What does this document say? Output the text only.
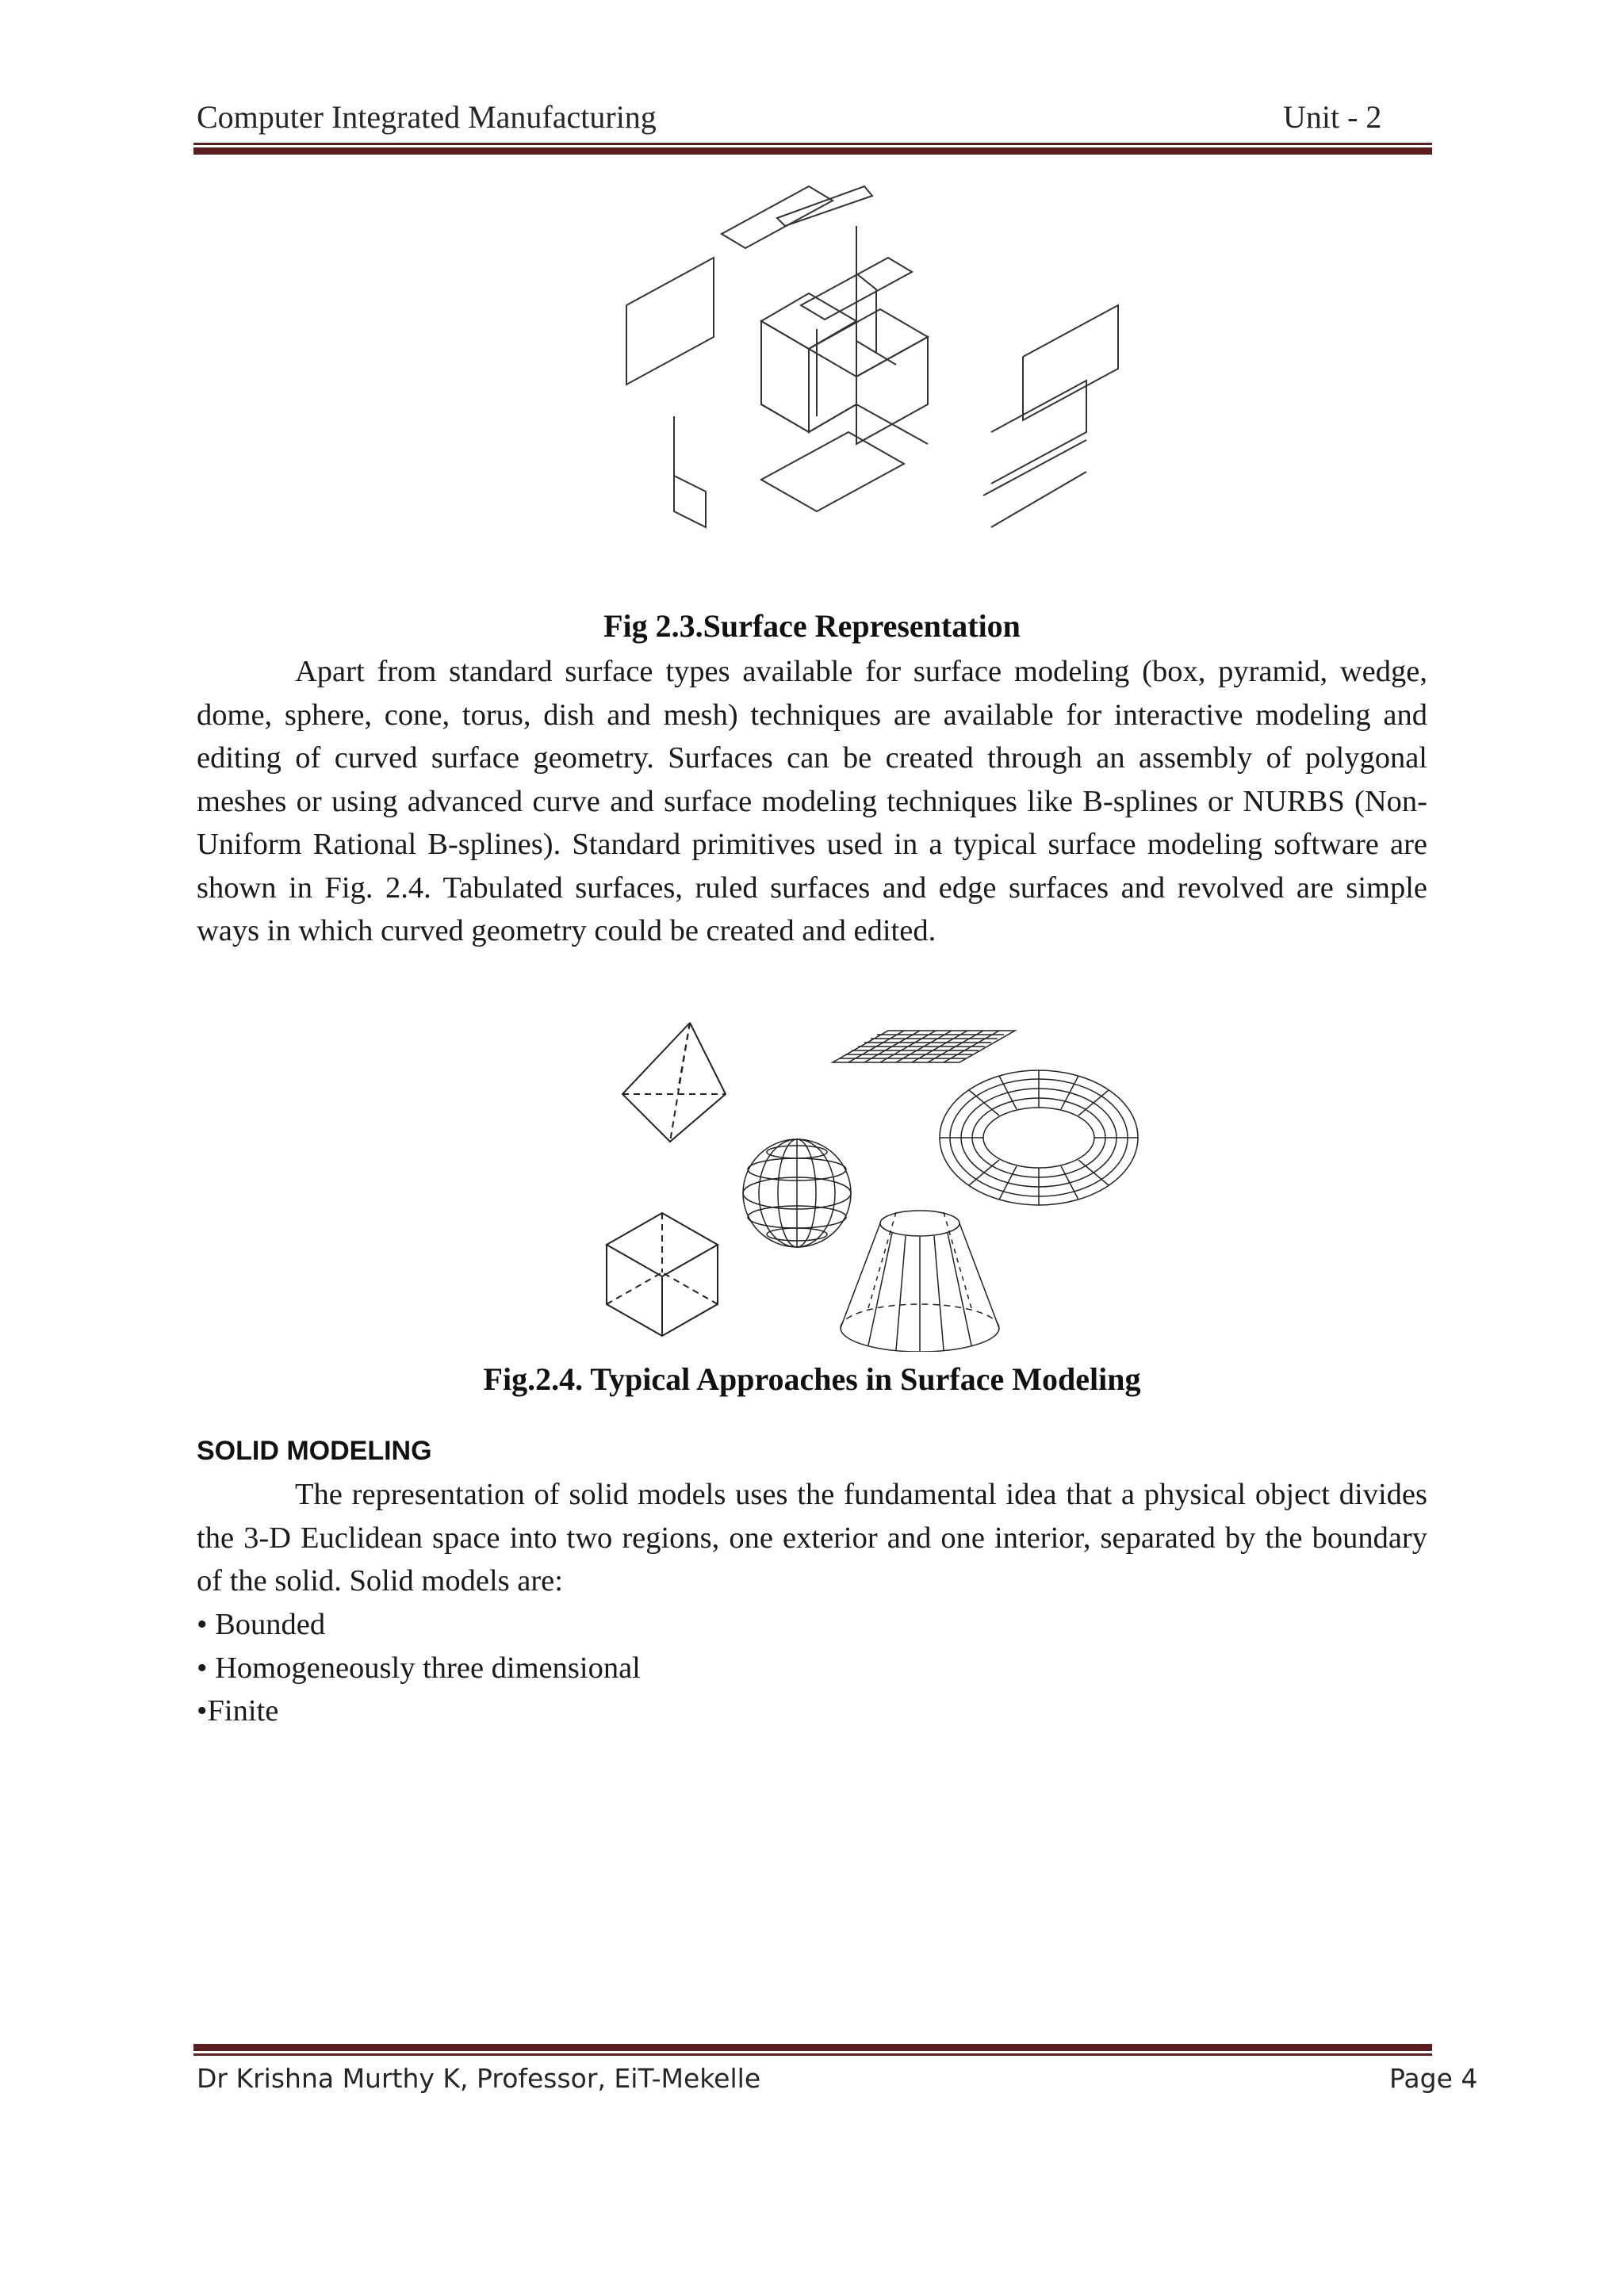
Computer Integrated Manufacturing	Unit - 2
Fig 2.3.Surface Representation

Apart from standard surface types available for surface modeling (box, pyramid, wedge, dome, sphere, cone, torus, dish and mesh) techniques are available for interactive modeling and editing of curved surface geometry. Surfaces can be created through an assembly of polygonal meshes or using advanced curve and surface modeling techniques like B-splines or NURBS (Non-Uniform Rational B-splines). Standard primitives used in a typical surface modeling software are shown in Fig. 2.4. Tabulated surfaces, ruled surfaces and edge surfaces and revolved are simple ways in which curved geometry could be created and edited.

Fig.2.4. Typical Approaches in Surface Modeling
SOLID MODELING

The representation of solid models uses the fundamental idea that a physical object divides the 3-D Euclidean space into two regions, one exterior and one interior, separated by the boundary of the solid. Solid models are:

• Bounded
• Homogeneously three dimensional
•Finite
Dr Krishna Murthy K, Professor, EiT-Mekelle	Page 4
